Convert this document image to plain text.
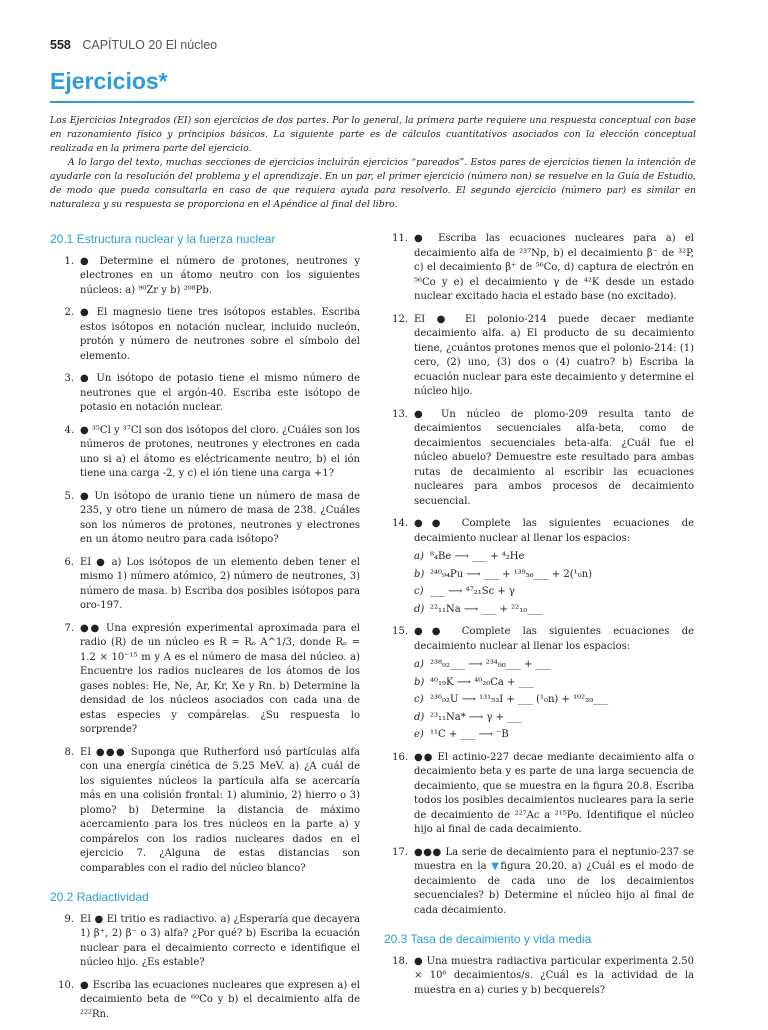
558 CAPÍTULO 20 El núcleo
Ejercicios*

Los Ejercicios Integrados (EI) son ejercicios de dos partes. Por lo general, la primera parte requiere una respuesta conceptual con base en razonamiento físico y principios básicos. La siguiente parte es de cálculos cuantitativos asociados con la elección conceptual realizada en la primera parte del ejercicio.

A lo largo del texto, muchas secciones de ejercicios incluirán ejercicios “pareados”. Estos pares de ejercicios tienen la intención de ayudarle con la resolución del problema y el aprendizaje. En un par, el primer ejercicio (número non) se resuelve en la Guía de Estudio, de modo que pueda consultarla en caso de que requiera ayuda para resolverlo. El segundo ejercicio (número par) es similar en naturaleza y su respuesta se proporciona en el Apéndice al final del libro.

20.1 Estructura nuclear y la fuerza nuclear
1. ● Determine el número de protones, neutrones y electrones en un átomo neutro con los siguientes núcleos: a) ⁹⁰Zr y b) ²⁰⁸Pb.
2. ● El magnesio tiene tres isótopos estables. Escriba estos isótopos en notación nuclear, incluido nucleón, protón y número de neutrones sobre el símbolo del elemento.
3. ● Un isótopo de potasio tiene el mismo número de neutrones que el argón-40. Escriba este isótopo de potasio en notación nuclear.
4. ● ³⁵Cl y ³⁷Cl son dos isótopos del cloro. ¿Cuáles son los números de protones, neutrones y electrones en cada uno si a) el átomo es eléctricamente neutro, b) el ión tiene una carga -2, y c) el ión tiene una carga +1?
5. ● Un isótopo de uranio tiene un número de masa de 235, y otro tiene un número de masa de 238. ¿Cuáles son los números de protones, neutrones y electrones en un átomo neutro para cada isótopo?
6. EI ● a) Los isótopos de un elemento deben tener el mismo 1) número atómico, 2) número de neutrones, 3) número de masa. b) Escriba dos posibles isótopos para oro-197.
7. ●● Una expresión experimental aproximada para el radio (R) de un núcleo es R = Rₒ A^1/3, donde Rₒ = 1.2 × 10⁻¹⁵ m y A es el número de masa del núcleo. a) Encuentre los radios nucleares de los átomos de los gases nobles: He, Ne, Ar, Kr, Xe y Rn. b) Determine la densidad de los núcleos asociados con cada una de estas especies y compárelas. ¿Su respuesta lo sorprende?
8. EI ●●● Suponga que Rutherford usó partículas alfa con una energía cinética de 5.25 MeV. a) ¿A cuál de los siguientes núcleos la partícula alfa se acercaría más en una colisión frontal: 1) aluminio, 2) hierro o 3) plomo? b) Determine la distancia de máximo acercamiento para los tres núcleos en la parte a) y compárelos con los radios nucleares dados en el ejercicio 7. ¿Alguna de estas distancias son comparables con el radio del núcleo blanco?
20.2 Radiactividad
9. EI ● El tritio es radiactivo. a) ¿Esperaría que decayera 1) β⁺, 2) β⁻ o 3) alfa? ¿Por qué? b) Escriba la ecuación nuclear para el decaimiento correcto e identifique el núcleo hijo. ¿Es estable?
10. ● Escriba las ecuaciones nucleares que expresen a) el decaimiento beta de ⁶⁰Co y b) el decaimiento alfa de ²²²Rn.
11. ● Escriba las ecuaciones nucleares para a) el decaimiento alfa de ²³⁷Np, b) el decaimiento β⁻ de ³²P, c) el decaimiento β⁺ de ⁵⁶Co, d) captura de electrón en ⁵⁶Co y e) el decaimiento γ de ⁴²K desde un estado nuclear excitado hacia el estado base (no excitado).
12. EI ● El polonio-214 puede decaer mediante decaimiento alfa. a) El producto de su decaimiento tiene, ¿cuántos protones menos que el polonio-214: (1) cero, (2) uno, (3) dos o (4) cuatro? b) Escriba la ecuación nuclear para este decaimiento y determine el núcleo hijo.
13. ● Un núcleo de plomo-209 resulta tanto de decaimientos secuenciales alfa-beta, como de decaimientos secuenciales beta-alfa. ¿Cuál fue el núcleo abuelo? Demuestre este resultado para ambas rutas de decaimiento al escribir las ecuaciones nucleares para ambos procesos de decaimiento secuencial.
14. ●● Complete las siguientes ecuaciones de decaimiento nuclear al llenar los espacios:
a) ⁸₄Be ⟶ ___ + ⁴₂He
b) ²⁴⁰₉₄Pu ⟶ ___ + ¹³⁹₅₆___ + 2(¹₀n)
c) ___ ⟶ ⁴⁷₂₁Sc + γ
d) ²²₁₁Na ⟶ ___ + ²²₁₀___
15. ●● Complete las siguientes ecuaciones de decaimiento nuclear al llenar los espacios:
a) ²³⁸₉₂___ ⟶ ²³⁴₉₀___ + ___
b) ⁴⁰₁₉K ⟶ ⁴⁰₂₀Ca + ___
c) ²³⁶₉₂U ⟶ ¹³¹₅₃I + ___ (¹₀n) + ¹⁰²₃₉___
d) ²³₁₁Na* ⟶ γ + ___
e) ¹¹C + ___ ⟶ ⁻B
16. ●● El actinio-227 decae mediante decaimiento alfa o decaimiento beta y es parte de una larga secuencia de decaimiento, que se muestra en la figura 20.8. Escriba todos los posibles decaimientos nucleares para la serie de decaimiento de ²²⁷Ac a ²¹⁵Po. Identifique el núcleo hijo al final de cada decaimiento.
17. ●●● La serie de decaimiento para el neptunio-237 se muestra en la ▼figura 20.20. a) ¿Cuál es el modo de decaimiento de cada uno de los decaimientos secuenciales? b) Determine el núcleo hijo al final de cada decaimiento.
20.3 Tasa de decaimiento y vida media
18. ● Una muestra radiactiva particular experimenta 2.50 × 10⁶ decaimientos/s. ¿Cuál es la actividad de la muestra en a) curies y b) becquerels?
